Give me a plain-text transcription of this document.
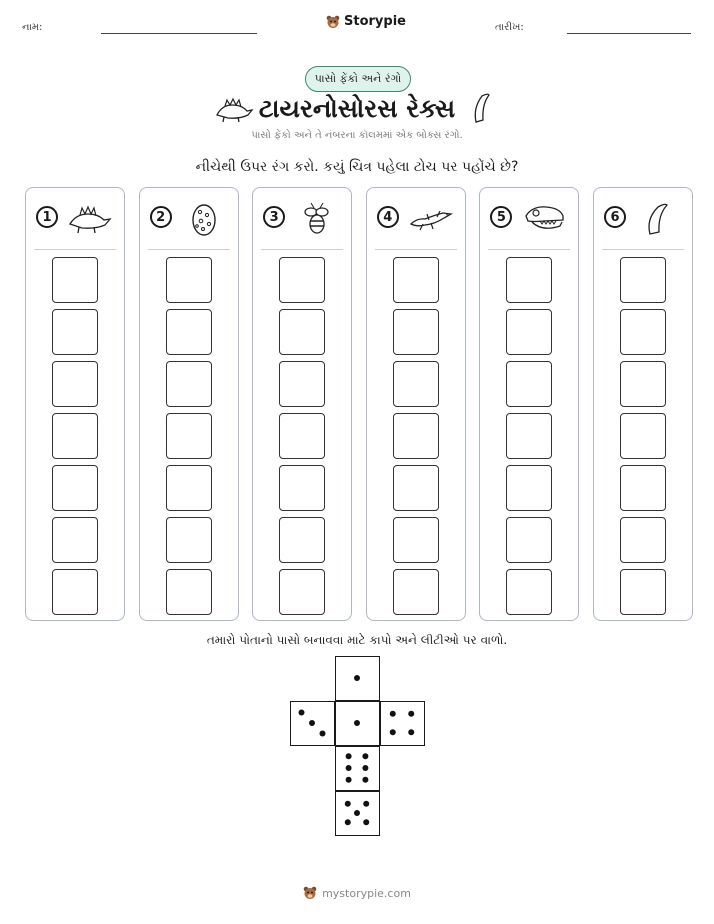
નામ:	Storypie	તારીખ:
પાસો ફેંકો અને રંગો
ટાયરનોસોરસ રેક્સ
પાસો ફેંકો અને તે નંબરના કૉલમમાં એક બોક્સ રંગો.
નીચેથી ઉપર રંગ કરો. કયું ચિત્ર પહેલા ટોચ પર પહોંચે છે?
1	2	3	4	5	6
તમારો પોતાનો પાસો બનાવવા માટે કાપો અને લીટીઓ પર વાળો.
mystorypie.com
